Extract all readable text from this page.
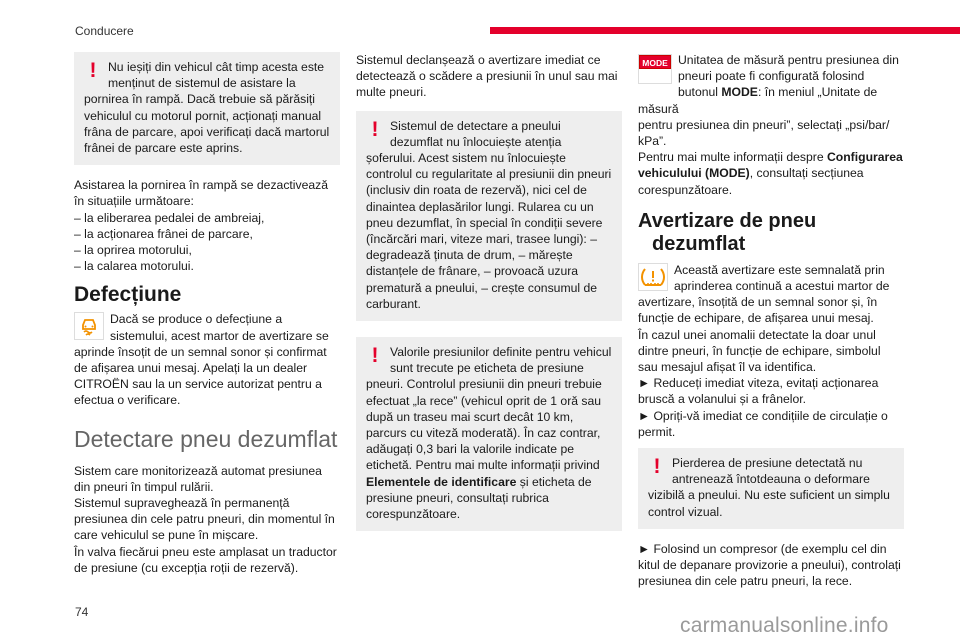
Conducere
! Nu ieșiți din vehicul cât timp acesta este menținut de sistemul de asistare la pornirea în rampă. Dacă trebuie să părăsiți vehiculul cu motorul pornit, acționați manual frâna de parcare, apoi verificați dacă martorul frânei de parcare este aprins.

Asistarea la pornirea în rampă se dezactivează
în situațiile următoare:
– la eliberarea pedalei de ambreiaj,
– la acționarea frânei de parcare,
– la oprirea motorului,
– la calarea motorului.
Defecțiune
Dacă se produce o defecțiune a
sistemului, acest martor de avertizare se
aprinde însoțit de un semnal sonor și confirmat
de afișarea unui mesaj. Apelați la un dealer
CITROËN sau la un service autorizat pentru a
efectua o verificare.
Detectare pneu dezumflat
Sistem care monitorizează automat presiunea
din pneuri în timpul rulării.
Sistemul supraveghează în permanență
presiunea din cele patru pneuri, din momentul în
care vehiculul se pune în mișcare.
În valva fiecărui pneu este amplasat un traductor
de presiune (cu excepția roții de rezervă).
Sistemul declanșează o avertizare imediat ce
detectează o scădere a presiunii în unul sau mai
multe pneuri.
! Sistemul de detectare a pneului dezumflat nu înlocuiește atenția șoferului. Acest sistem nu înlocuiește controlul cu regularitate al presiunii din pneuri (inclusiv din roata de rezervă), nici cel de dinaintea deplasărilor lungi. Rularea cu un pneu dezumflat, în special în condiții severe (încărcări mari, viteze mari, trasee lungi): – degradează ținuta de drum, – mărește distanțele de frânare, – provoacă uzura prematură a pneului, – crește consumul de carburant.

! Valorile presiunilor definite pentru vehicul sunt trecute pe eticheta de presiune pneuri. Controlul presiunii din pneuri trebuie efectuat „la rece” (vehicul oprit de 1 oră sau după un traseu mai scurt decât 10 km, parcurs cu viteză moderată). În caz contrar, adăugați 0,3 bari la valorile indicate pe etichetă. Pentru mai multe informații privind Elementele de identificare și eticheta de presiune pneuri, consultați rubrica corespunzătoare.

MODE Unitatea de măsură pentru presiunea din
pneuri poate fi configurată folosind
butonul MODE: în meniul „Unitate de măsură
pentru presiunea din pneuri”, selectați „psi/bar/
kPa”.
Pentru mai multe informații despre Configurarea
vehiculului (MODE), consultați secțiunea
corespunzătoare.
Avertizare de pneu
dezumflat
Această avertizare este semnalată prin
aprinderea continuă a acestui martor de
avertizare, însoțită de un semnal sonor și, în
funcție de echipare, de afișarea unui mesaj.
În cazul unei anomalii detectate la doar unul
dintre pneuri, în funcție de echipare, simbolul
sau mesajul afișat îl va identifica.
► Reduceți imediat viteza, evitați acționarea
bruscă a volanului și a frânelor.
► Opriți-vă imediat ce condițiile de circulație o
permit.
! Pierderea de presiune detectată nu antrenează întotdeauna o deformare vizibilă a pneului. Nu este suficient un simplu control vizual.

► Folosind un compresor (de exemplu cel din
kitul de depanare provizorie a pneului), controlați
presiunea din cele patru pneuri, la rece.
74
carmanualsonline.info
